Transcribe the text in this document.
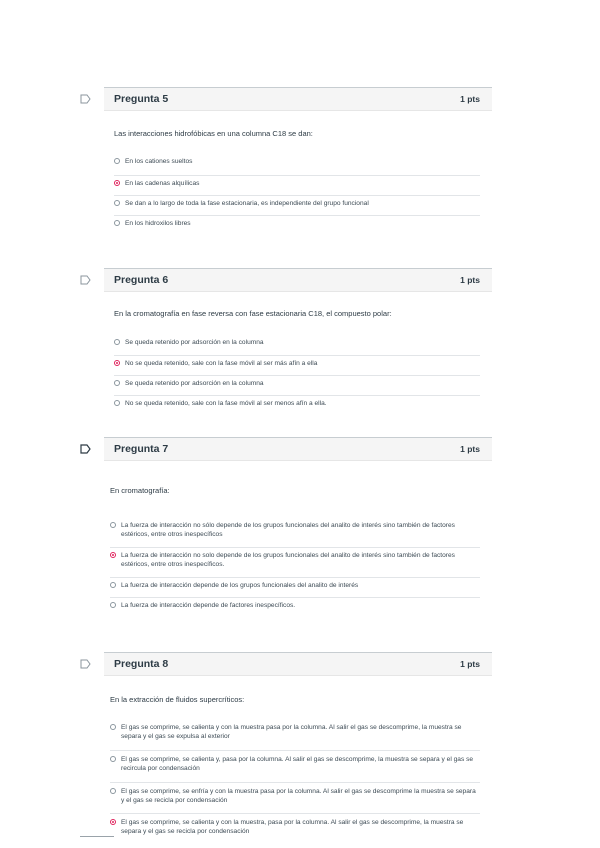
Pregunta 5	1 pts
Las interacciones hidrofóbicas en una columna C18 se dan:
En los cationes sueltos
En las cadenas alquílicas
Se dan a lo largo de toda la fase estacionaria, es independiente del grupo funcional
En los hidroxilos libres
Pregunta 6	1 pts
En la cromatografía en fase reversa con fase estacionaria C18, el compuesto polar:
Se queda retenido por adsorción en la columna
No se queda retenido, sale con la fase móvil al ser más afín a ella
Se queda retenido por adsorción en la columna
No se queda retenido, sale con la fase móvil al ser menos afín a ella.
Pregunta 7	1 pts
En cromatografía:
La fuerza de interacción no sólo depende de los grupos funcionales del analito de interés sino también de factores estéricos, entre otros inespecíficos
La fuerza de interacción no solo depende de los grupos funcionales del analito de interés sino también de factores estéricos, entre otros inespecíficos.
La fuerza de interacción depende de los grupos funcionales del analito de interés
La fuerza de interacción depende de factores inespecíficos.
Pregunta 8	1 pts
En la extracción de fluidos supercríticos:
El gas se comprime, se calienta y con la muestra pasa por la columna. Al salir el gas se descomprime, la muestra se separa y el gas se expulsa al exterior
El gas se comprime, se calienta y, pasa por la columna. Al salir el gas se descomprime, la muestra se separa y el gas se recircula por condensación
El gas se comprime, se enfría y con la muestra pasa por la columna. Al salir el gas se descomprime la muestra se separa y el gas se recicla por condensación
El gas se comprime, se calienta y con la muestra, pasa por la columna. Al salir el gas se descomprime, la muestra se separa y el gas se recicla por condensación
